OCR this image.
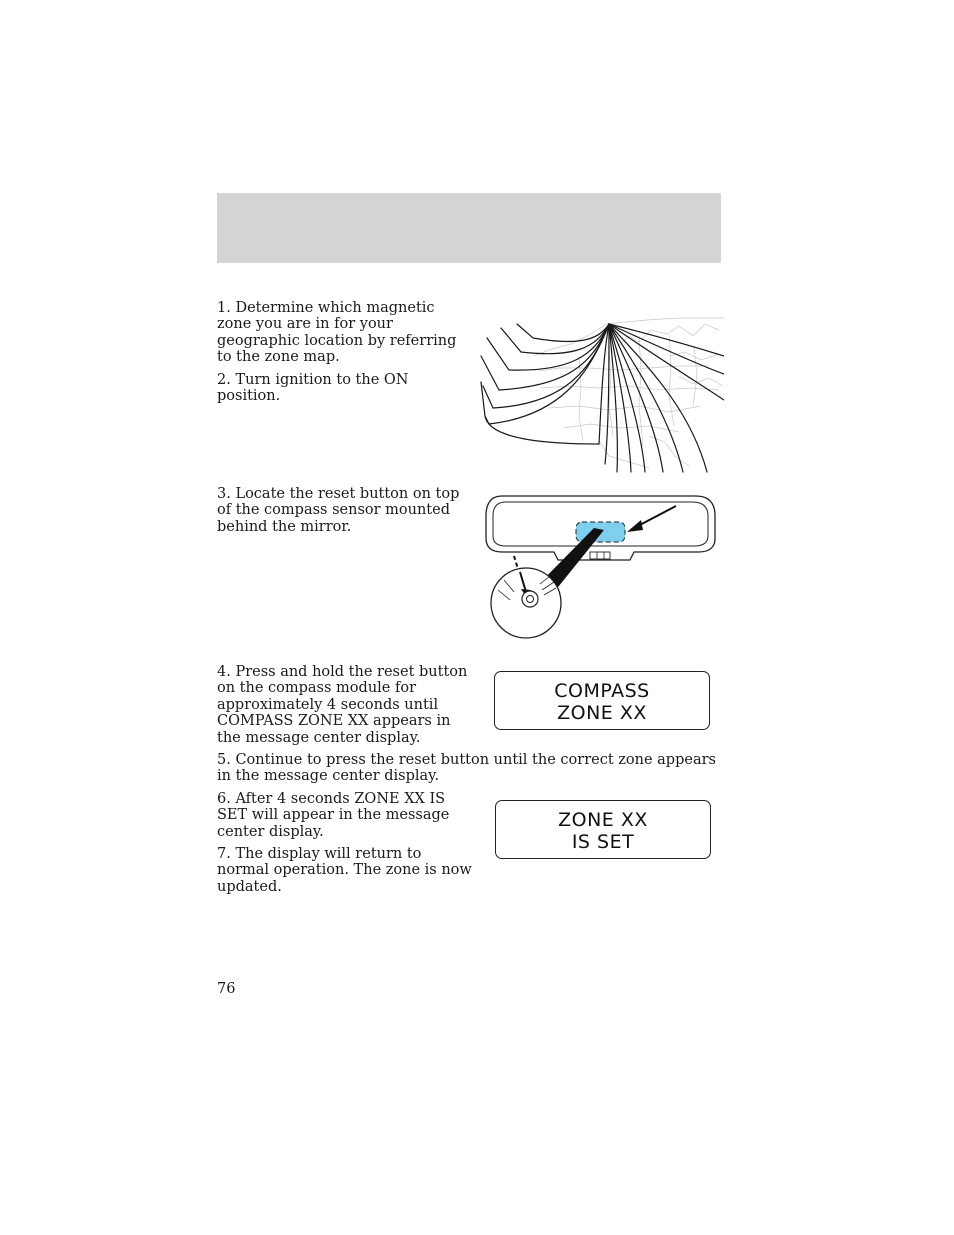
1. Determine which magnetic zone you are in for your geographic location by referring to the zone map.

2. Turn ignition to the ON position.

3. Locate the reset button on top of the compass sensor mounted behind the mirror.

4. Press and hold the reset button on the compass module for approximately 4 seconds until COMPASS ZONE XX appears in the message center display.

COMPASS
ZONE XX

5. Continue to press the reset button until the correct zone appears in the message center display.

6. After 4 seconds ZONE XX IS SET will appear in the message center display.

7. The display will return to normal operation. The zone is now updated.

ZONE XX
IS SET
76
